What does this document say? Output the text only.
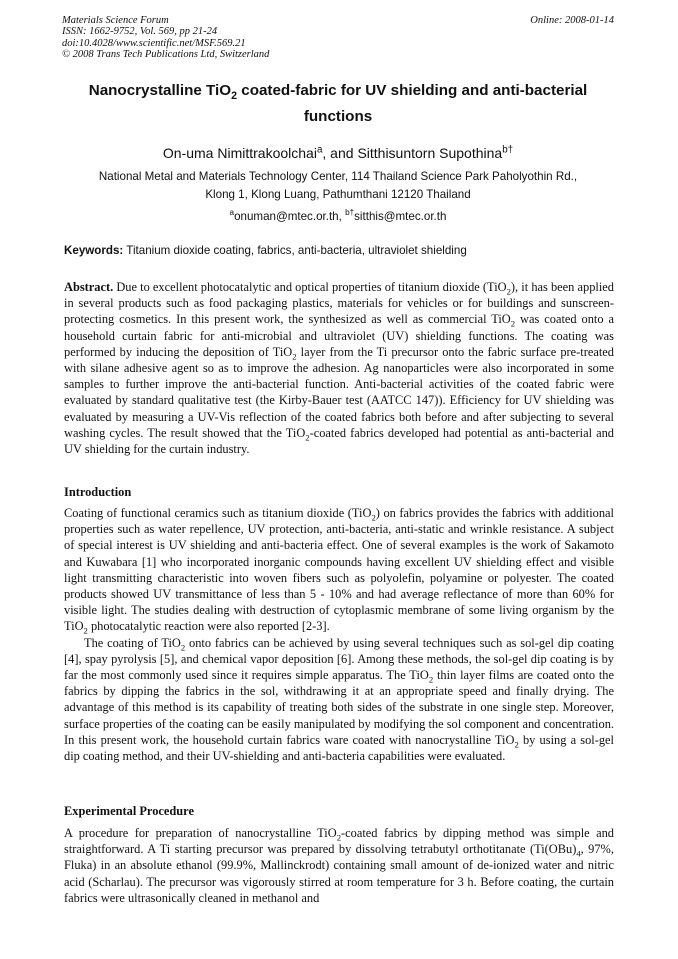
Materials Science Forum
ISSN: 1662-9752, Vol. 569, pp 21-24
doi:10.4028/www.scientific.net/MSF.569.21
© 2008 Trans Tech Publications Ltd, Switzerland
Online: 2008-01-14
Nanocrystalline TiO$_2$ coated-fabric for UV shielding and anti-bacterial functions
On-uma Nimittrakoolchai$^a$, and Sitthisuntorn Supothina$^{b\dagger}$
National Metal and Materials Technology Center, 114 Thailand Science Park Paholyothin Rd.,
Klong 1, Klong Luang, Pathumthani 12120 Thailand
$^a$onuman@mtec.or.th, $^{b\dagger}$sitthis@mtec.or.th
Keywords: Titanium dioxide coating, fabrics, anti-bacteria, ultraviolet shielding
Abstract. Due to excellent photocatalytic and optical properties of titanium dioxide (TiO$_2$), it has been applied in several products such as food packaging plastics, materials for vehicles or for buildings and sunscreen-protecting cosmetics. In this present work, the synthesized as well as commercial TiO$_2$ was coated onto a household curtain fabric for anti-microbial and ultraviolet (UV) shielding functions. The coating was performed by inducing the deposition of TiO$_2$ layer from the Ti precursor onto the fabric surface pre-treated with silane adhesive agent so as to improve the adhesion. Ag nanoparticles were also incorporated in some samples to further improve the anti-bacterial function. Anti-bacterial activities of the coated fabric were evaluated by standard qualitative test (the Kirby-Bauer test (AATCC 147)). Efficiency for UV shielding was evaluated by measuring a UV-Vis reflection of the coated fabrics both before and after subjecting to several washing cycles. The result showed that the TiO$_2$-coated fabrics developed had potential as anti-bacterial and UV shielding for the curtain industry.
Introduction

Coating of functional ceramics such as titanium dioxide (TiO$_2$) on fabrics provides the fabrics with additional properties such as water repellence, UV protection, anti-bacteria, anti-static and wrinkle resistance. A subject of special interest is UV shielding and anti-bacteria effect. One of several examples is the work of Sakamoto and Kuwabara [1] who incorporated inorganic compounds having excellent UV shielding effect and visible light transmitting characteristic into woven fibers such as polyolefin, polyamine or polyester. The coated products showed UV transmittance of less than 5 - 10% and had average reflectance of more than 60% for visible light. The studies dealing with destruction of cytoplasmic membrane of some living organism by the TiO$_2$ photocatalytic reaction were also reported [2-3].

The coating of TiO$_2$ onto fabrics can be achieved by using several techniques such as sol-gel dip coating [4], spay pyrolysis [5], and chemical vapor deposition [6]. Among these methods, the sol-gel dip coating is by far the most commonly used since it requires simple apparatus. The TiO$_2$ thin layer films are coated onto the fabrics by dipping the fabrics in the sol, withdrawing it at an appropriate speed and finally drying. The advantage of this method is its capability of treating both sides of the substrate in one single step. Moreover, surface properties of the coating can be easily manipulated by modifying the sol component and concentration. In this present work, the household curtain fabrics ware coated with nanocrystalline TiO$_2$ by using a sol-gel dip coating method, and their UV-shielding and anti-bacteria capabilities were evaluated.

Experimental Procedure
A procedure for preparation of nanocrystalline TiO$_2$-coated fabrics by dipping method was simple and straightforward. A Ti starting precursor was prepared by dissolving tetrabutyl orthotitanate ($Ti(OBu)_4$, 97%, Fluka) in an absolute ethanol (99.9%, Mallinckrodt) containing small amount of de-ionized water and nitric acid (Scharlau). The precursor was vigorously stirred at room temperature for 3 h. Before coating, the curtain fabrics were ultrasonically cleaned in methanol and
